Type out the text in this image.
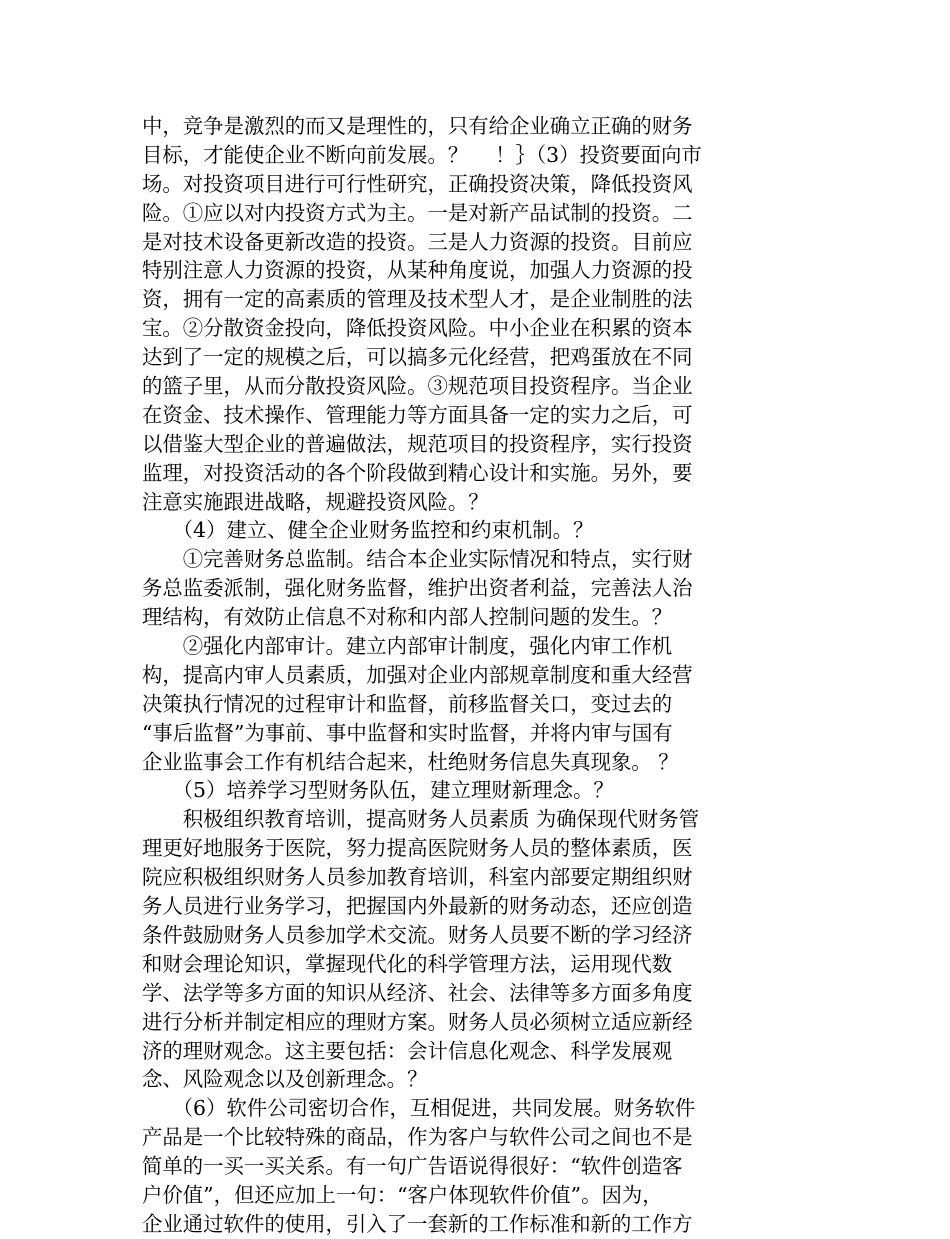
中，竞争是激烈的而又是理性的，只有给企业确立正确的财务
目标，才能使企业不断向前发展。？　 ！｝（3）投资要面向市
场。对投资项目进行可行性研究，正确投资决策，降低投资风
险。①应以对内投资方式为主。一是对新产品试制的投资。二
是对技术设备更新改造的投资。三是人力资源的投资。目前应
特别注意人力资源的投资，从某种角度说，加强人力资源的投
资，拥有一定的高素质的管理及技术型人才，是企业制胜的法
宝。②分散资金投向，降低投资风险。中小企业在积累的资本
达到了一定的规模之后，可以搞多元化经营，把鸡蛋放在不同
的篮子里，从而分散投资风险。③规范项目投资程序。当企业
在资金、技术操作、管理能力等方面具备一定的实力之后，可
以借鉴大型企业的普遍做法，规范项目的投资程序，实行投资
监理，对投资活动的各个阶段做到精心设计和实施。另外，要
注意实施跟进战略，规避投资风险。？
　　（4）建立、健全企业财务监控和约束机制。？
　　①完善财务总监制。结合本企业实际情况和特点，实行财
务总监委派制，强化财务监督，维护出资者利益，完善法人治
理结构，有效防止信息不对称和内部人控制问题的发生。？
　　②强化内部审计。建立内部审计制度，强化内审工作机
构，提高内审人员素质，加强对企业内部规章制度和重大经营
决策执行情况的过程审计和监督，前移监督关口，变过去的
“事后监督”为事前、事中监督和实时监督，并将内审与国有
企业监事会工作有机结合起来，杜绝财务信息失真现象。 ？
　　（5）培养学习型财务队伍，建立理财新理念。？
　　积极组织教育培训，提高财务人员素质 为确保现代财务管
理更好地服务于医院，努力提高医院财务人员的整体素质，医
院应积极组织财务人员参加教育培训，科室内部要定期组织财
务人员进行业务学习，把握国内外最新的财务动态，还应创造
条件鼓励财务人员参加学术交流。财务人员要不断的学习经济
和财会理论知识，掌握现代化的科学管理方法，运用现代数
学、法学等多方面的知识从经济、社会、法律等多方面多角度
进行分析并制定相应的理财方案。财务人员必须树立适应新经
济的理财观念。这主要包括：会计信息化观念、科学发展观
念、风险观念以及创新理念。？
　　（6）软件公司密切合作，互相促进，共同发展。财务软件
产品是一个比较特殊的商品，作为客户与软件公司之间也不是
简单的一买一买关系。有一句广告语说得很好：“软件创造客
户价值”，但还应加上一句：“客户体现软件价值”。因为，
企业通过软件的使用，引入了一套新的工作标准和新的工作方
